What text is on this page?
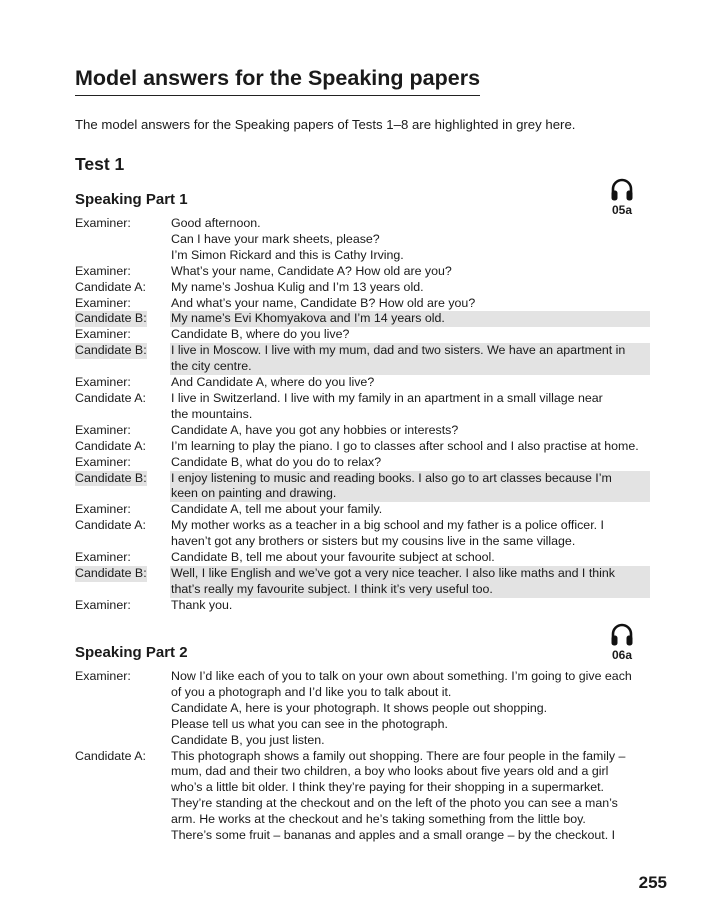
Model answers for the Speaking papers
The model answers for the Speaking papers of Tests 1–8 are highlighted in grey here.
Test 1
Speaking Part 1
05a
Examiner:	Good afternoon.
Can I have your mark sheets, please?
I’m Simon Rickard and this is Cathy Irving.
Examiner:	What’s your name, Candidate A? How old are you?
Candidate A: My name’s Joshua Kulig and I’m 13 years old.
Examiner:	And what’s your name, Candidate B? How old are you?
Candidate B: My name’s Evi Khomyakova and I’m 14 years old.
Examiner:	Candidate B, where do you live?
Candidate B: I live in Moscow. I live with my mum, dad and two sisters. We have an apartment in
the city centre.
Examiner:	And Candidate A, where do you live?
Candidate A: I live in Switzerland. I live with my family in an apartment in a small village near
the mountains.
Examiner:	Candidate A, have you got any hobbies or interests?
Candidate A: I’m learning to play the piano. I go to classes after school and I also practise at home.
Examiner:	Candidate B, what do you do to relax?
Candidate B: I enjoy listening to music and reading books. I also go to art classes because I’m
keen on painting and drawing.
Examiner:	Candidate A, tell me about your family.
Candidate A: My mother works as a teacher in a big school and my father is a police officer. I
haven’t got any brothers or sisters but my cousins live in the same village.
Examiner:	Candidate B, tell me about your favourite subject at school.
Candidate B: Well, I like English and we’ve got a very nice teacher. I also like maths and I think
that’s really my favourite subject. I think it’s very useful too.
Examiner:	Thank you.
Speaking Part 2	06a
Examiner:	Now I’d like each of you to talk on your own about something. I’m going to give each
of you a photograph and I’d like you to talk about it.
Candidate A, here is your photograph. It shows people out shopping.
Please tell us what you can see in the photograph.
Candidate B, you just listen.
Candidate A: This photograph shows a family out shopping. There are four people in the family –
mum, dad and their two children, a boy who looks about five years old and a girl
who’s a little bit older. I think they’re paying for their shopping in a supermarket.
They’re standing at the checkout and on the left of the photo you can see a man’s
arm. He works at the checkout and he’s taking something from the little boy.
There’s some fruit – bananas and apples and a small orange – by the checkout. I
255
